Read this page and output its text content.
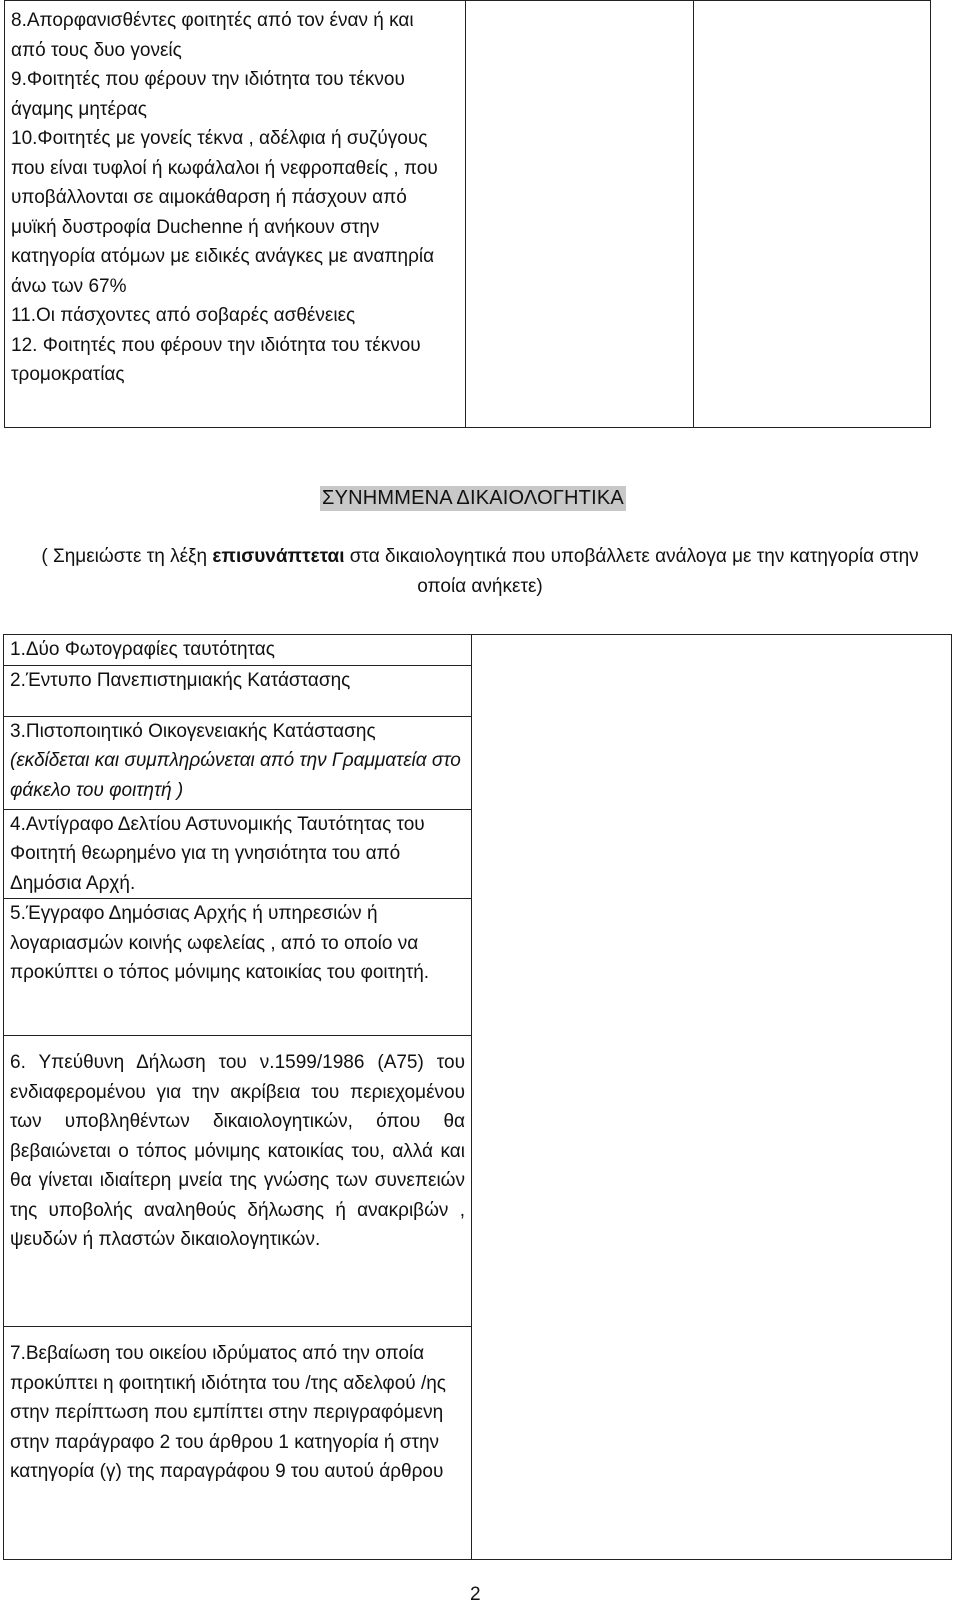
8.Απορφανισθέντες φοιτητές από τον έναν ή και από τους δυο γονείς
9.Φοιτητές που φέρουν την ιδιότητα του τέκνου άγαμης μητέρας
10.Φοιτητές με γονείς τέκνα , αδέλφια ή συζύγους που είναι τυφλοί ή κωφάλαλοι ή νεφροπαθείς , που υποβάλλονται σε αιμοκάθαρση ή πάσχουν από μυϊκή δυστροφία Duchenne ή ανήκουν στην κατηγορία ατόμων με ειδικές ανάγκες με αναπηρία άνω των 67%
11.Οι πάσχοντες από σοβαρές ασθένειες
12. Φοιτητές που φέρουν την ιδιότητα του τέκνου τρομοκρατίας

ΣΥΝΗΜΜΕΝΑ ΔΙΚΑΙΟΛΟΓΗΤΙΚΑ
( Σημειώστε τη λέξη επισυνάπτεται στα δικαιολογητικά που υποβάλλετε ανάλογα με την κατηγορία στην οποία ανήκετε)
1.Δύο Φωτογραφίες ταυτότητας

2.Έντυπο Πανεπιστημιακής Κατάστασης

3.Πιστοποιητικό Οικογενειακής Κατάστασης
(εκδίδεται και συμπληρώνεται από την Γραμματεία στο φάκελο του φοιτητή )

4.Αντίγραφο Δελτίου Αστυνομικής Ταυτότητας του Φοιτητή θεωρημένο για τη γνησιότητα του από Δημόσια Αρχή.

5.Έγγραφο Δημόσιας Αρχής ή υπηρεσιών ή λογαριασμών κοινής ωφελείας , από το οποίο να προκύπτει ο τόπος μόνιμης κατοικίας του φοιτητή.

6. Υπεύθυνη Δήλωση του ν.1599/1986 (Α75) του ενδιαφερομένου για την ακρίβεια του περιεχομένου των υποβληθέντων δικαιολογητικών, όπου θα βεβαιώνεται ο τόπος μόνιμης κατοικίας του, αλλά και θα γίνεται ιδιαίτερη μνεία της γνώσης των συνεπειών της υποβολής αναληθούς δήλωσης ή ανακριβών , ψευδών ή πλαστών δικαιολογητικών.

7.Βεβαίωση του οικείου ιδρύματος από την οποία προκύπτει η φοιτητική ιδιότητα του /της αδελφού /ης στην περίπτωση που εμπίπτει στην περιγραφόμενη στην παράγραφο 2 του άρθρου 1 κατηγορία ή στην κατηγορία (γ) της παραγράφου 9 του αυτού άρθρου
2
